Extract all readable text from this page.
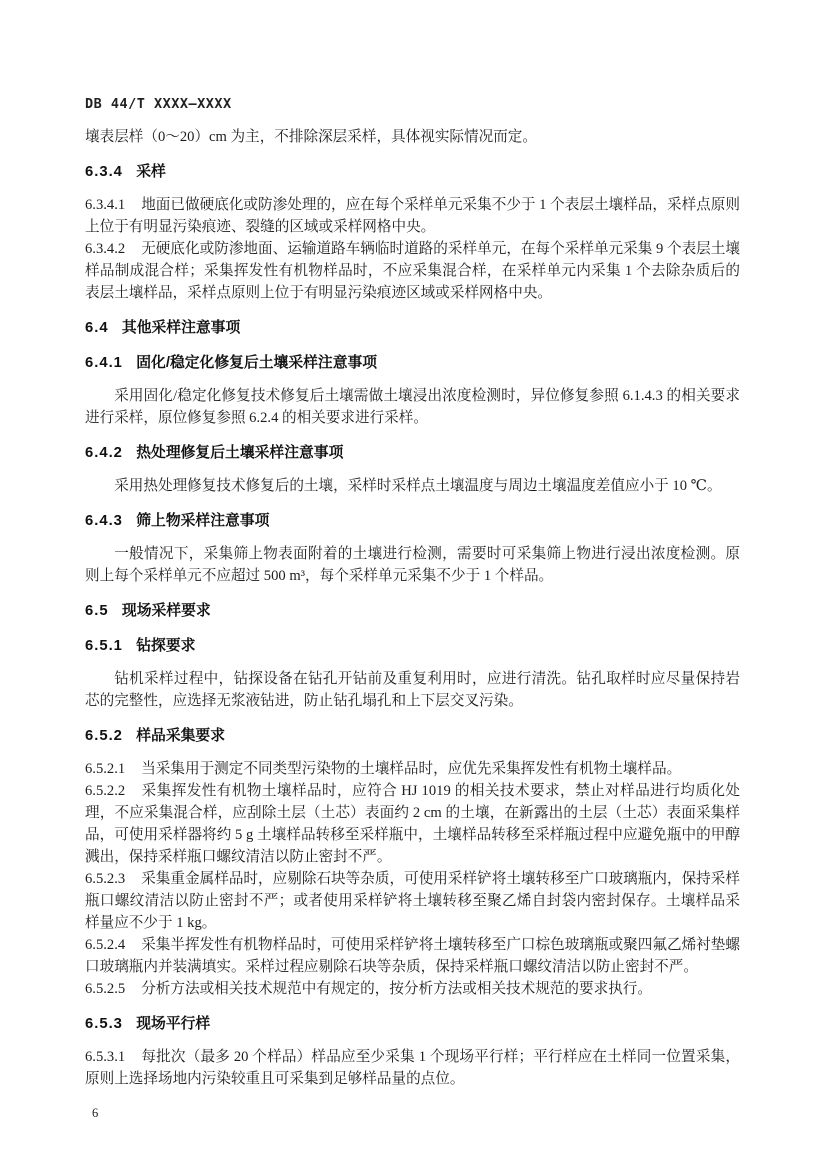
DB 44/T XXXX—XXXX

壤表层样（0～20）cm 为主，不排除深层采样，具体视实际情况而定。

6.3.4 采样

6.3.4.1 地面已做硬底化或防渗处理的，应在每个采样单元采集不少于 1 个表层土壤样品，采样点原则上位于有明显污染痕迹、裂缝的区域或采样网格中央。

6.3.4.2 无硬底化或防渗地面、运输道路车辆临时道路的采样单元，在每个采样单元采集 9 个表层土壤样品制成混合样；采集挥发性有机物样品时，不应采集混合样，在采样单元内采集 1 个去除杂质后的表层土壤样品，采样点原则上位于有明显污染痕迹区域或采样网格中央。

6.4 其他采样注意事项
6.4.1 固化/稳定化修复后土壤采样注意事项

采用固化/稳定化修复技术修复后土壤需做土壤浸出浓度检测时，异位修复参照 6.1.4.3 的相关要求进行采样，原位修复参照 6.2.4 的相关要求进行采样。

6.4.2 热处理修复后土壤采样注意事项

采用热处理修复技术修复后的土壤，采样时采样点土壤温度与周边土壤温度差值应小于 10 ℃。

6.4.3 筛上物采样注意事项

一般情况下，采集筛上物表面附着的土壤进行检测，需要时可采集筛上物进行浸出浓度检测。原则上每个采样单元不应超过 500 m³，每个采样单元采集不少于 1 个样品。

6.5 现场采样要求
6.5.1 钻探要求

钻机采样过程中，钻探设备在钻孔开钻前及重复利用时，应进行清洗。钻孔取样时应尽量保持岩芯的完整性，应选择无浆液钻进，防止钻孔塌孔和上下层交叉污染。

6.5.2 样品采集要求

6.5.2.1 当采集用于测定不同类型污染物的土壤样品时，应优先采集挥发性有机物土壤样品。

6.5.2.2 采集挥发性有机物土壤样品时，应符合 HJ 1019 的相关技术要求，禁止对样品进行均质化处理，不应采集混合样，应刮除土层（土芯）表面约 2 cm 的土壤，在新露出的土层（土芯）表面采集样品，可使用采样器将约 5 g 土壤样品转移至采样瓶中，土壤样品转移至采样瓶过程中应避免瓶中的甲醇溅出，保持采样瓶口螺纹清洁以防止密封不严。

6.5.2.3 采集重金属样品时，应剔除石块等杂质，可使用采样铲将土壤转移至广口玻璃瓶内，保持采样瓶口螺纹清洁以防止密封不严；或者使用采样铲将土壤转移至聚乙烯自封袋内密封保存。土壤样品采样量应不少于 1 kg。

6.5.2.4 采集半挥发性有机物样品时，可使用采样铲将土壤转移至广口棕色玻璃瓶或聚四氟乙烯衬垫螺口玻璃瓶内并装满填实。采样过程应剔除石块等杂质，保持采样瓶口螺纹清洁以防止密封不严。

6.5.2.5 分析方法或相关技术规范中有规定的，按分析方法或相关技术规范的要求执行。

6.5.3 现场平行样

6.5.3.1 每批次（最多 20 个样品）样品应至少采集 1 个现场平行样；平行样应在土样同一位置采集，原则上选择场地内污染较重且可采集到足够样品量的点位。

6
